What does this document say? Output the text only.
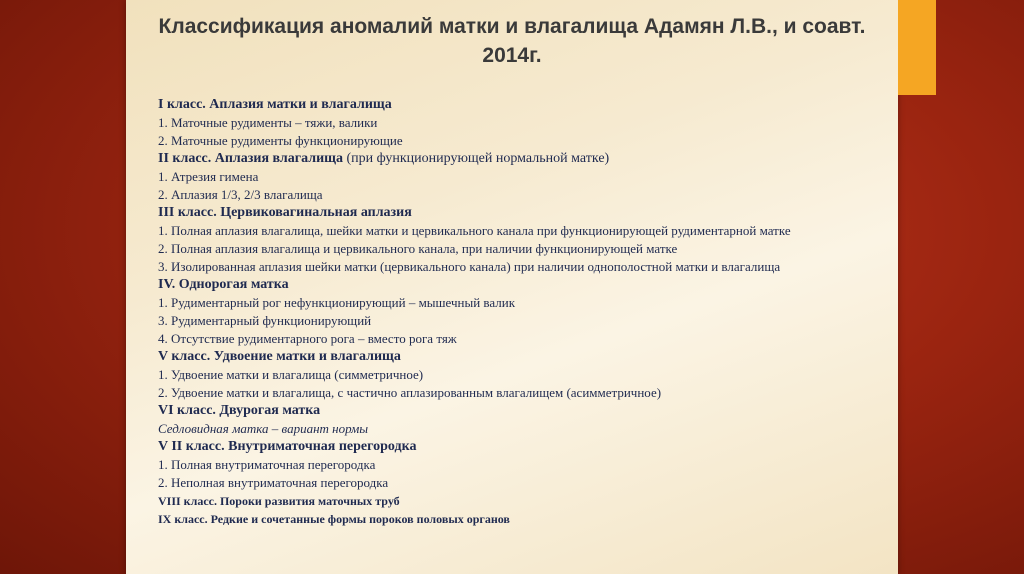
Классификация аномалий матки и влагалища Адамян Л.В., и соавт.
2014г.
I класс. Аплазия матки и влагалища
1. Маточные рудименты – тяжи, валики
2. Маточные рудименты функционирующие
II класс. Аплазия влагалища (при функционирующей нормальной матке)
1. Атрезия гимена
2. Аплазия 1/3, 2/3 влагалища
III класс. Цервиковагинальная аплазия
1. Полная аплазия влагалища, шейки матки и цервикального канала при функционирующей рудиментарной матке
2. Полная аплазия влагалища и цервикального канала, при наличии функционирующей матке
3. Изолированная аплазия шейки матки (цервикального канала) при наличии однополостной матки и влагалища
IV. Однорогая матка
1. Рудиментарный рог нефункционирующий – мышечный валик
3. Рудиментарный функционирующий
4. Отсутствие рудиментарного рога – вместо рога тяж
V класс. Удвоение матки и влагалища
1. Удвоение матки и влагалища (симметричное)
2. Удвоение матки и влагалища, с частично аплазированным влагалищем (асимметричное)
VI класс. Двурогая матка
Седловидная матка – вариант нормы
V II класс. Внутриматочная перегородка
1. Полная внутриматочная перегородка
2. Неполная внутриматочная перегородка
VIII класс. Пороки развития маточных труб
IX класс. Редкие и сочетанные формы пороков половых органов
